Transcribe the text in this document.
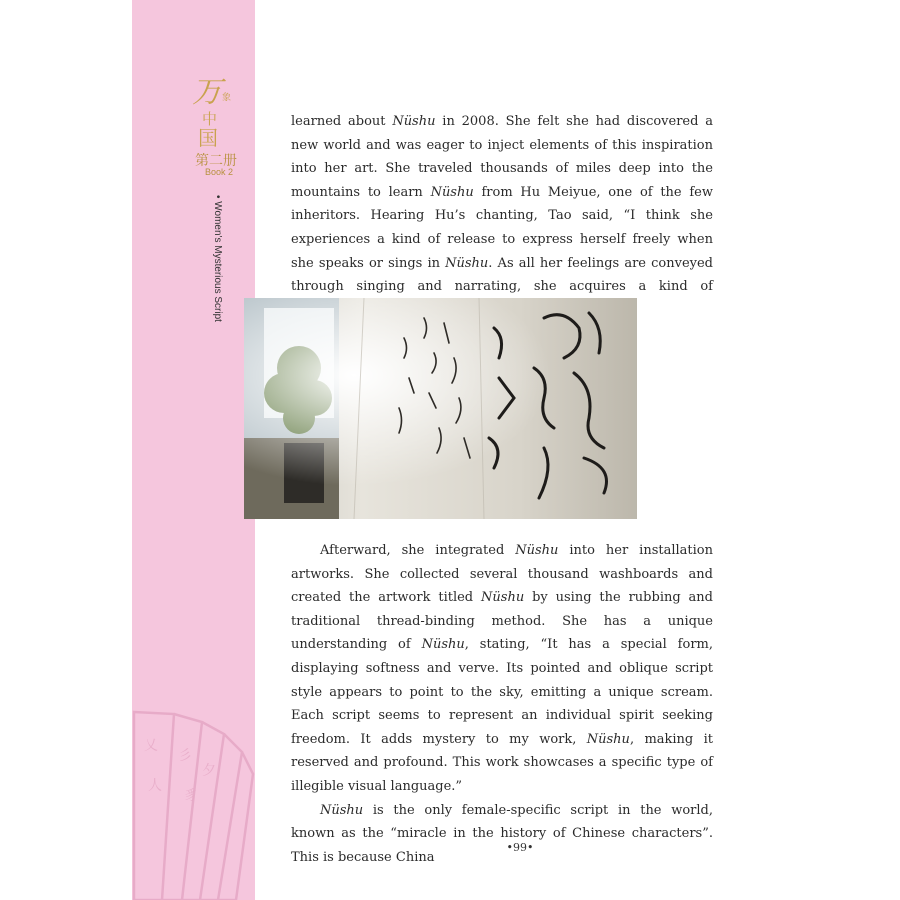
万
象
中
国
第二册
Book 2
• Women's Mysterious Script
乂
彡
夕
人
豸

learned about Nüshu in 2008. She felt she had discovered a new world and was eager to inject elements of this inspiration into her art. She traveled thousands of miles deep into the mountains to learn Nüshu from Hu Meiyue, one of the few inheritors. Hearing Hu’s chanting, Tao said, “I think she experiences a kind of release to express herself freely when she speaks or sings in Nüshu. As all her feelings are conveyed through singing and narrating, she acquires a kind of

Afterward, she integrated Nüshu into her installation artworks. She collected several thousand washboards and created the artwork titled Nüshu by using the rubbing and traditional thread-binding method. She has a unique understanding of Nüshu, stating, “It has a special form, displaying softness and verve. Its pointed and oblique script style appears to point to the sky, emitting a unique scream. Each script seems to represent an individual spirit seeking freedom. It adds mystery to my work, Nüshu, making it reserved and profound. This work showcases a specific type of illegible visual language.”

Nüshu is the only female-specific script in the world, known as the “miracle in the history of Chinese characters”. This is because China

•99•
